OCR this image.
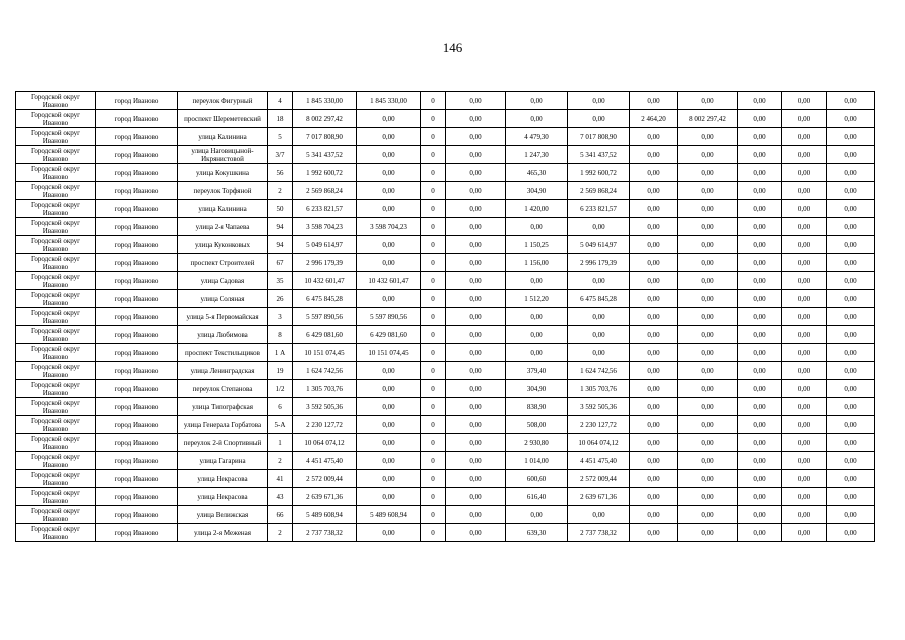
146
Городской округ Иваново	город Иваново	переулок Фигурный	4	1 845 330,00	1 845 330,00	0	0,00	0,00	0,00	0,00	0,00	0,00	0,00	0,00
Городской округ Иваново	город Иваново	проспект Шереметевский	18	8 002 297,42	0,00	0	0,00	0,00	0,00	2 464,20	8 002 297,42	0,00	0,00	0,00
Городской округ Иваново	город Иваново	улица Калинина	5	7 017 808,90	0,00	0	0,00	4 479,30	7 017 808,90	0,00	0,00	0,00	0,00	0,00
Городской округ Иваново	город Иваново	улица Наговицыной-Икрянистовой	3/7	5 341 437,52	0,00	0	0,00	1 247,30	5 341 437,52	0,00	0,00	0,00	0,00	0,00
Городской округ Иваново	город Иваново	улица Кокушкина	56	1 992 600,72	0,00	0	0,00	465,30	1 992 600,72	0,00	0,00	0,00	0,00	0,00
Городской округ Иваново	город Иваново	переулок Торфяной	2	2 569 868,24	0,00	0	0,00	304,90	2 569 868,24	0,00	0,00	0,00	0,00	0,00
Городской округ Иваново	город Иваново	улица Калинина	50	6 233 821,57	0,00	0	0,00	1 420,00	6 233 821,57	0,00	0,00	0,00	0,00	0,00
Городской округ Иваново	город Иваново	улица 2-я Чапаева	94	3 598 704,23	3 598 704,23	0	0,00	0,00	0,00	0,00	0,00	0,00	0,00	0,00
Городской округ Иваново	город Иваново	улица Куконковых	94	5 049 614,97	0,00	0	0,00	1 150,25	5 049 614,97	0,00	0,00	0,00	0,00	0,00
Городской округ Иваново	город Иваново	проспект Строителей	67	2 996 179,39	0,00	0	0,00	1 156,00	2 996 179,39	0,00	0,00	0,00	0,00	0,00
Городской округ Иваново	город Иваново	улица Садовая	35	10 432 601,47	10 432 601,47	0	0,00	0,00	0,00	0,00	0,00	0,00	0,00	0,00
Городской округ Иваново	город Иваново	улица Соляная	26	6 475 845,28	0,00	0	0,00	1 512,20	6 475 845,28	0,00	0,00	0,00	0,00	0,00
Городской округ Иваново	город Иваново	улица 5-я Первомайская	3	5 597 890,56	5 597 890,56	0	0,00	0,00	0,00	0,00	0,00	0,00	0,00	0,00
Городской округ Иваново	город Иваново	улица Любимова	8	6 429 081,60	6 429 081,60	0	0,00	0,00	0,00	0,00	0,00	0,00	0,00	0,00
Городской округ Иваново	город Иваново	проспект Текстильщиков	1 А	10 151 074,45	10 151 074,45	0	0,00	0,00	0,00	0,00	0,00	0,00	0,00	0,00
Городской округ Иваново	город Иваново	улица Ленинградская	19	1 624 742,56	0,00	0	0,00	379,40	1 624 742,56	0,00	0,00	0,00	0,00	0,00
Городской округ Иваново	город Иваново	переулок Степанова	1/2	1 305 703,76	0,00	0	0,00	304,90	1 305 703,76	0,00	0,00	0,00	0,00	0,00
Городской округ Иваново	город Иваново	улица Типографская	6	3 592 505,36	0,00	0	0,00	838,90	3 592 505,36	0,00	0,00	0,00	0,00	0,00
Городской округ Иваново	город Иваново	улица Генерала Горбатова	5-А	2 230 127,72	0,00	0	0,00	508,00	2 230 127,72	0,00	0,00	0,00	0,00	0,00
Городской округ Иваново	город Иваново	переулок 2-й Спортивный	1	10 064 074,12	0,00	0	0,00	2 930,80	10 064 074,12	0,00	0,00	0,00	0,00	0,00
Городской округ Иваново	город Иваново	улица Гагарина	2	4 451 475,40	0,00	0	0,00	1 014,00	4 451 475,40	0,00	0,00	0,00	0,00	0,00
Городской округ Иваново	город Иваново	улица Некрасова	41	2 572 009,44	0,00	0	0,00	600,60	2 572 009,44	0,00	0,00	0,00	0,00	0,00
Городской округ Иваново	город Иваново	улица Некрасова	43	2 639 671,36	0,00	0	0,00	616,40	2 639 671,36	0,00	0,00	0,00	0,00	0,00
Городской округ Иваново	город Иваново	улица Велижская	66	5 489 608,94	5 489 608,94	0	0,00	0,00	0,00	0,00	0,00	0,00	0,00	0,00
Городской округ Иваново	город Иваново	улица 2-я Меженая	2	2 737 738,32	0,00	0	0,00	639,30	2 737 738,32	0,00	0,00	0,00	0,00	0,00
